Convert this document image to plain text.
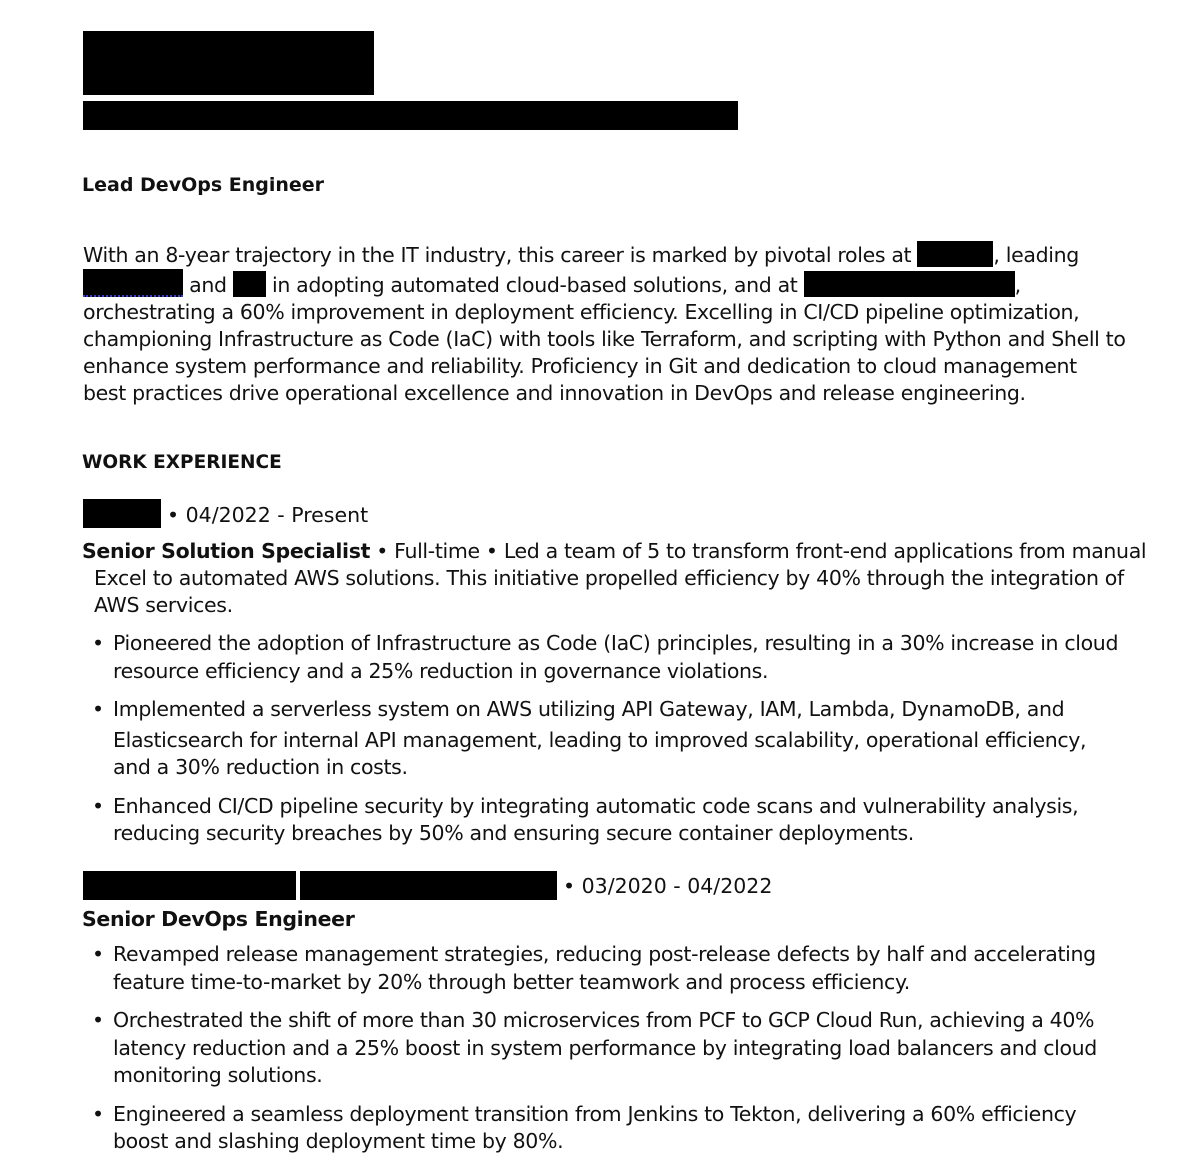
Lead DevOps Engineer
With an 8-year trajectory in the IT industry, this career is marked by pivotal roles at	, leading
and  in adopting automated cloud-based solutions, and at	,
orchestrating a 60% improvement in deployment efficiency. Excelling in CI/CD pipeline optimization,
championing Infrastructure as Code (IaC) with tools like Terraform, and scripting with Python and Shell to
enhance system performance and reliability. Proficiency in Git and dedication to cloud management
best practices drive operational excellence and innovation in DevOps and release engineering.
WORK EXPERIENCE
• 04/2022 - Present
Senior Solution Specialist • Full-time • Led a team of 5 to transform front-end applications from manual
Excel to automated AWS solutions. This initiative propelled efficiency by 40% through the integration of
AWS services.
• Pioneered the adoption of Infrastructure as Code (IaC) principles, resulting in a 30% increase in cloud
resource efficiency and a 25% reduction in governance violations.
• Implemented a serverless system on AWS utilizing API Gateway, IAM, Lambda, DynamoDB, and
Elasticsearch for internal API management, leading to improved scalability, operational efficiency,
and a 30% reduction in costs.
• Enhanced CI/CD pipeline security by integrating automatic code scans and vulnerability analysis,
reducing security breaches by 50% and ensuring secure container deployments.
• 03/2020 - 04/2022
Senior DevOps Engineer
• Revamped release management strategies, reducing post-release defects by half and accelerating
feature time-to-market by 20% through better teamwork and process efficiency.
• Orchestrated the shift of more than 30 microservices from PCF to GCP Cloud Run, achieving a 40%
latency reduction and a 25% boost in system performance by integrating load balancers and cloud
monitoring solutions.
• Engineered a seamless deployment transition from Jenkins to Tekton, delivering a 60% efficiency
boost and slashing deployment time by 80%.
